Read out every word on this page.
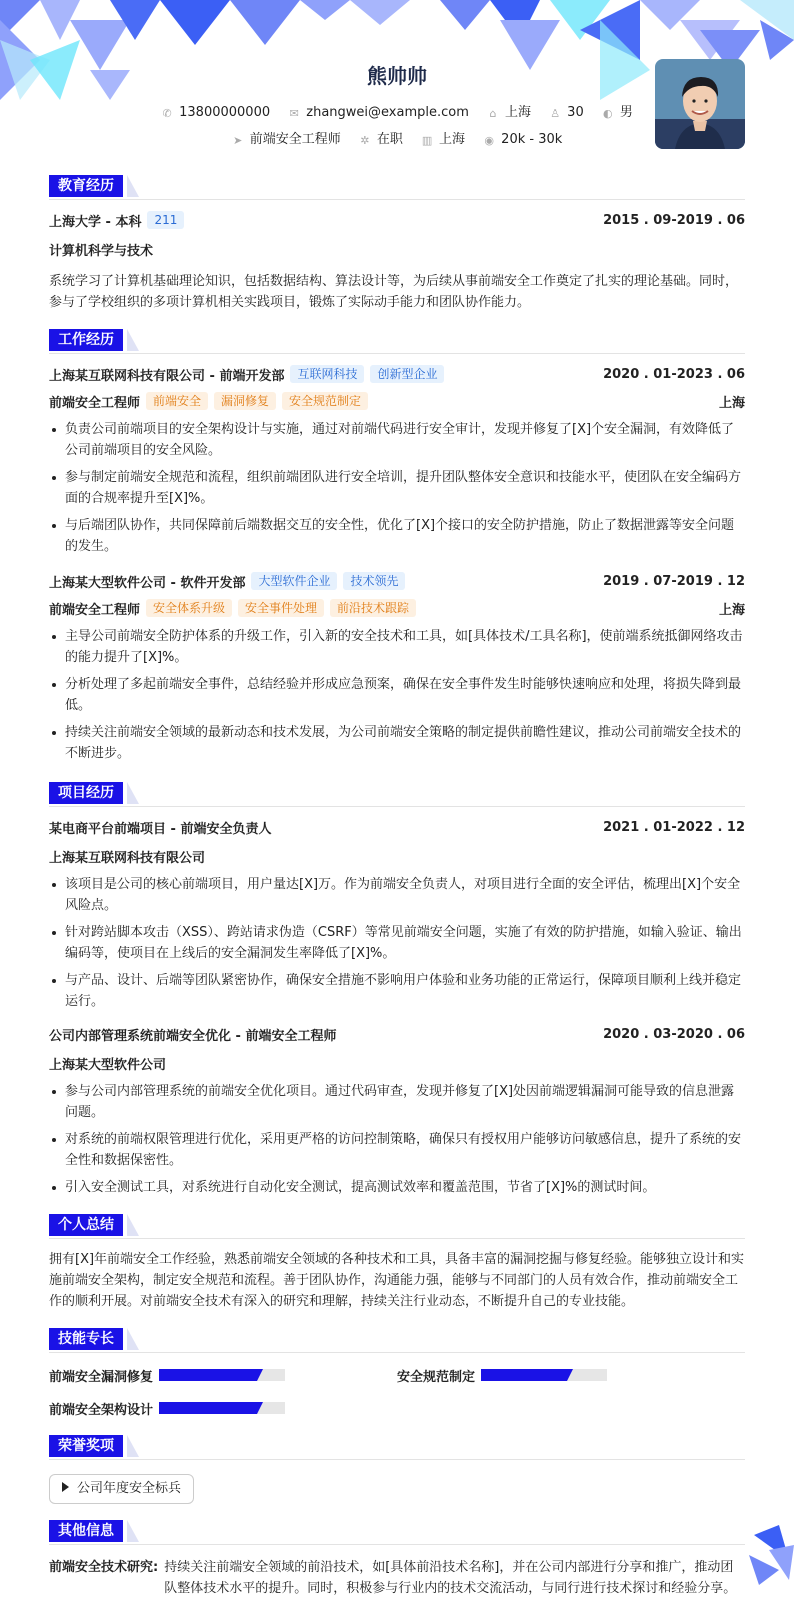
熊帅帅
✆ 13800000000 ✉ zhangwei@example.com ⌂ 上海 ♙ 30 ◐ 男
➤ 前端安全工程师 ✲ 在职 ▥ 上海 ◉ 20k - 30k
教育经历
上海大学 - 本科	211	2015 . 09-2019 . 06
计算机科学与技术

系统学习了计算机基础理论知识，包括数据结构、算法设计等，为后续从事前端安全工作奠定了扎实的理论基础。同时，参与了学校组织的多项计算机相关实践项目，锻炼了实际动手能力和团队协作能力。

工作经历
上海某互联网科技有限公司 - 前端开发部	互联网科技	创新型企业	2020 . 01-2023 . 06
前端安全工程师	前端安全	漏洞修复	安全规范制定	上海
负责公司前端项目的安全架构设计与实施，通过对前端代码进行安全审计，发现并修复了[X]个安全漏洞，有效降低了公司前端项目的安全风险。
参与制定前端安全规范和流程，组织前端团队进行安全培训，提升团队整体安全意识和技能水平，使团队在安全编码方面的合规率提升至[X]%。
与后端团队协作，共同保障前后端数据交互的安全性，优化了[X]个接口的安全防护措施，防止了数据泄露等安全问题的发生。
上海某大型软件公司 - 软件开发部	大型软件企业	技术领先	2019 . 07-2019 . 12
前端安全工程师	安全体系升级	安全事件处理	前沿技术跟踪	上海
主导公司前端安全防护体系的升级工作，引入新的安全技术和工具，如[具体技术/工具名称]，使前端系统抵御网络攻击的能力提升了[X]%。
分析处理了多起前端安全事件，总结经验并形成应急预案，确保在安全事件发生时能够快速响应和处理，将损失降到最低。
持续关注前端安全领域的最新动态和技术发展，为公司前端安全策略的制定提供前瞻性建议，推动公司前端安全技术的不断进步。
项目经历
某电商平台前端项目 - 前端安全负责人	2021 . 01-2022 . 12
上海某互联网科技有限公司
该项目是公司的核心前端项目，用户量达[X]万。作为前端安全负责人，对项目进行全面的安全评估，梳理出[X]个安全风险点。
针对跨站脚本攻击（XSS）、跨站请求伪造（CSRF）等常见前端安全问题，实施了有效的防护措施，如输入验证、输出编码等，使项目在上线后的安全漏洞发生率降低了[X]%。
与产品、设计、后端等团队紧密协作，确保安全措施不影响用户体验和业务功能的正常运行，保障项目顺利上线并稳定运行。
公司内部管理系统前端安全优化 - 前端安全工程师	2020 . 03-2020 . 06
上海某大型软件公司
参与公司内部管理系统的前端安全优化项目。通过代码审查，发现并修复了[X]处因前端逻辑漏洞可能导致的信息泄露问题。
对系统的前端权限管理进行优化，采用更严格的访问控制策略，确保只有授权用户能够访问敏感信息，提升了系统的安全性和数据保密性。
引入安全测试工具，对系统进行自动化安全测试，提高测试效率和覆盖范围，节省了[X]%的测试时间。
个人总结

拥有[X]年前端安全工作经验，熟悉前端安全领域的各种技术和工具，具备丰富的漏洞挖掘与修复经验。能够独立设计和实施前端安全架构，制定安全规范和流程。善于团队协作，沟通能力强，能够与不同部门的人员有效合作，推动前端安全工作的顺利开展。对前端安全技术有深入的研究和理解，持续关注行业动态，不断提升自己的专业技能。

技能专长
前端安全漏洞修复	安全规范制定
前端安全架构设计
荣誉奖项
公司年度安全标兵
其他信息
前端安全技术研究: 持续关注前端安全领域的前沿技术，如[具体前沿技术名称]，并在公司内部进行分享和推广，推动团队整体技术水平的提升。同时，积极参与行业内的技术交流活动，与同行进行技术探讨和经验分享。
